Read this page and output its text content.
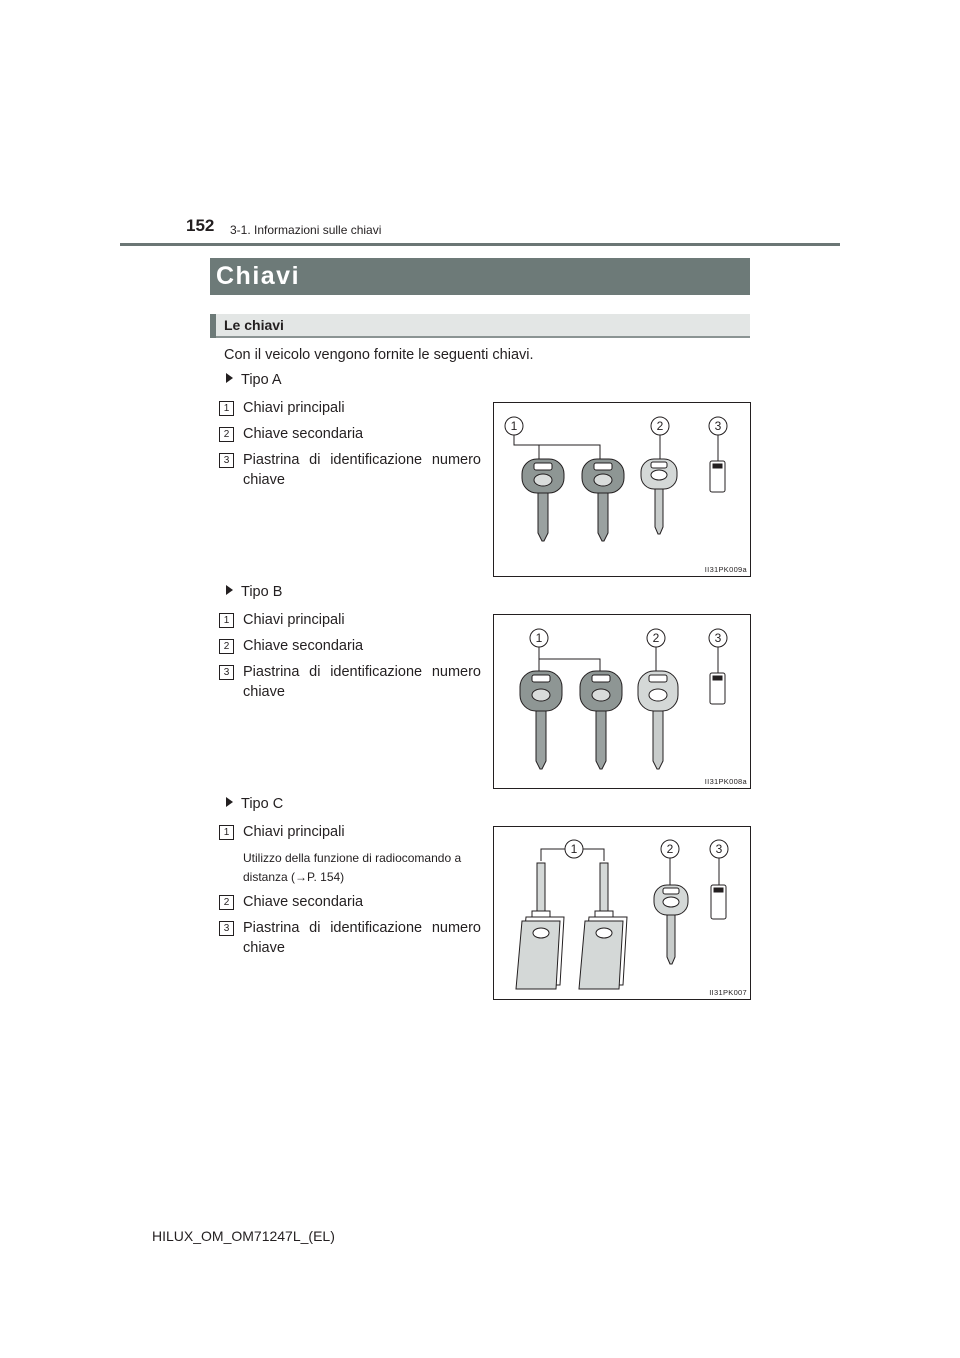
152 3-1. Informazioni sulle chiavi
Chiavi
Le chiavi
Con il veicolo vengono fornite le seguenti chiavi.
Tipo A
1 Chiavi principali
2 Chiave secondaria
3 Piastrina di identificazione numero chiave
1	2	3
II31PK009a
Tipo B
1 Chiavi principali
2 Chiave secondaria
3 Piastrina di identificazione numero chiave
1	2	3
II31PK008a
Tipo C
1 Chiavi principali
Utilizzo della funzione di radiocomando a distanza (→P. 154)
2 Chiave secondaria
3 Piastrina di identificazione numero chiave
1	2	3
II31PK007
HILUX_OM_OM71247L_(EL)
